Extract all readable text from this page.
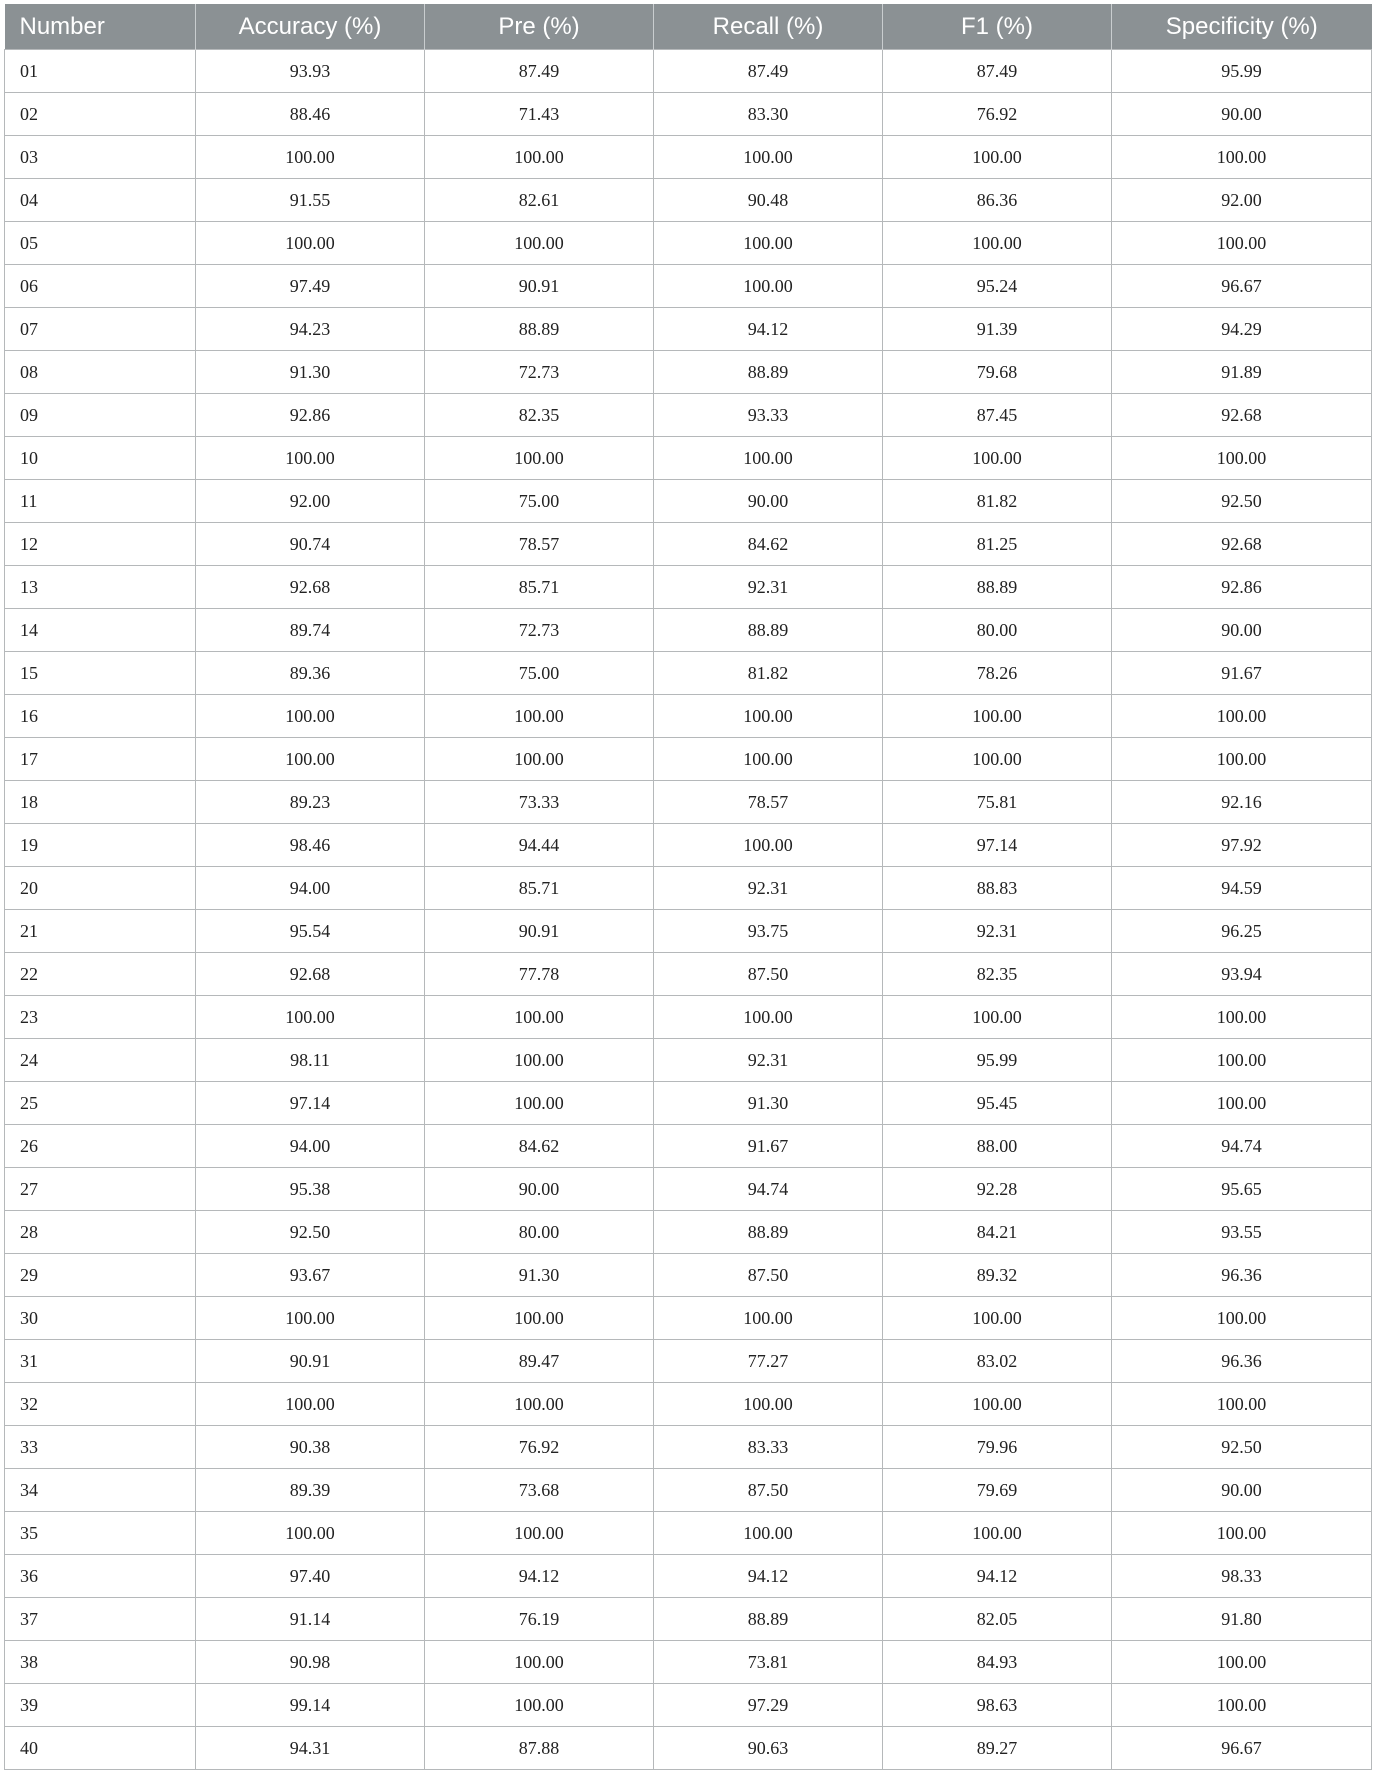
Number	Accuracy (%)	Pre (%)	Recall (%)	F1 (%)	Specificity (%)
01	93.93	87.49	87.49	87.49	95.99
02	88.46	71.43	83.30	76.92	90.00
03	100.00	100.00	100.00	100.00	100.00
04	91.55	82.61	90.48	86.36	92.00
05	100.00	100.00	100.00	100.00	100.00
06	97.49	90.91	100.00	95.24	96.67
07	94.23	88.89	94.12	91.39	94.29
08	91.30	72.73	88.89	79.68	91.89
09	92.86	82.35	93.33	87.45	92.68
10	100.00	100.00	100.00	100.00	100.00
11	92.00	75.00	90.00	81.82	92.50
12	90.74	78.57	84.62	81.25	92.68
13	92.68	85.71	92.31	88.89	92.86
14	89.74	72.73	88.89	80.00	90.00
15	89.36	75.00	81.82	78.26	91.67
16	100.00	100.00	100.00	100.00	100.00
17	100.00	100.00	100.00	100.00	100.00
18	89.23	73.33	78.57	75.81	92.16
19	98.46	94.44	100.00	97.14	97.92
20	94.00	85.71	92.31	88.83	94.59
21	95.54	90.91	93.75	92.31	96.25
22	92.68	77.78	87.50	82.35	93.94
23	100.00	100.00	100.00	100.00	100.00
24	98.11	100.00	92.31	95.99	100.00
25	97.14	100.00	91.30	95.45	100.00
26	94.00	84.62	91.67	88.00	94.74
27	95.38	90.00	94.74	92.28	95.65
28	92.50	80.00	88.89	84.21	93.55
29	93.67	91.30	87.50	89.32	96.36
30	100.00	100.00	100.00	100.00	100.00
31	90.91	89.47	77.27	83.02	96.36
32	100.00	100.00	100.00	100.00	100.00
33	90.38	76.92	83.33	79.96	92.50
34	89.39	73.68	87.50	79.69	90.00
35	100.00	100.00	100.00	100.00	100.00
36	97.40	94.12	94.12	94.12	98.33
37	91.14	76.19	88.89	82.05	91.80
38	90.98	100.00	73.81	84.93	100.00
39	99.14	100.00	97.29	98.63	100.00
40	94.31	87.88	90.63	89.27	96.67
